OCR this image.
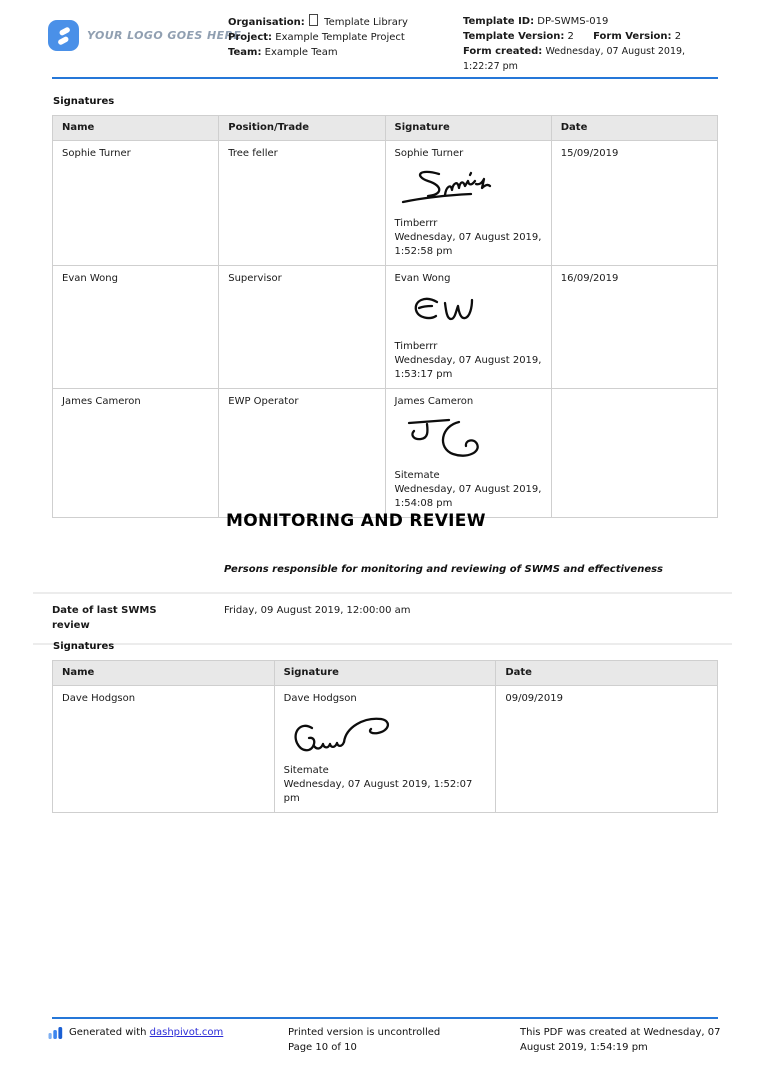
YOUR LOGO GOES HERE
Organisation: Template Library
Project: Example Template Project
Team: Example Team
Template ID: DP-SWMS-019
Template Version: 2 Form Version: 2
Form created: Wednesday, 07 August 2019, 1:22:27 pm
Signatures
Name	Position/Trade	Signature	Date
Sophie Turner	Tree feller	Sophie Turner
Timberrr
Wednesday, 07 August 2019, 1:52:58 pm	15/09/2019
Evan Wong	Supervisor	Evan Wong
Timberrr
Wednesday, 07 August 2019, 1:53:17 pm	16/09/2019
James Cameron	EWP Operator	James Cameron
Sitemate
Wednesday, 07 August 2019, 1:54:08 pm	

MONITORING AND REVIEW
Persons responsible for monitoring and reviewing of SWMS and effectiveness
Date of last SWMS review
Friday, 09 August 2019, 12:00:00 am
Signatures
Name	Signature	Date
Dave Hodgson	Dave Hodgson
Sitemate
Wednesday, 07 August 2019, 1:52:07 pm	09/09/2019
Generated with dashpivot.com	Printed version is uncontrolled
Page 10 of 10
This PDF was created at Wednesday, 07 August 2019, 1:54:19 pm
